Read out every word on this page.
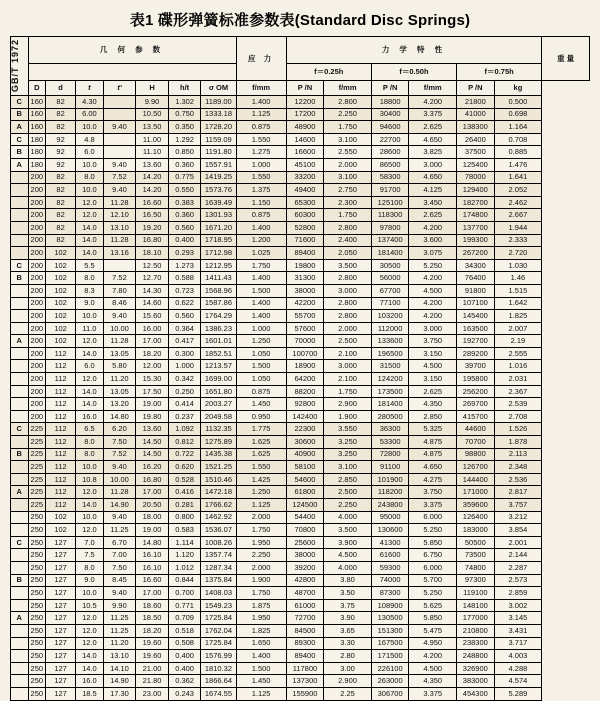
表1 碟形弹簧标准参数表(Standard Disc Springs)
GB/T 1972	几 何 参 数							应 力	力 学 特 性						重 量
									f＝0.25h		f＝0.50h		f＝0.75h		
	D	d	t	t'	H	h/t	σ OM	f/mm	P /N	f/mm	P /N	f/mm	P /N	kg	
C	160	82	4.30		9.90	1.302	1189.00	1.400	12200	2.800	18800	4.200	21800	0.500	
B	160	82	6.00		10.50	0.750	1333.18	1.125	17200	2.250	30400	3.375	41000	0.698	
A	160	82	10.0	9.40	13.50	0.350	1728.20	0.875	48900	1.750	94600	2.625	138300	1.164	
C	180	92	4.8		11.00	1.292	1159.09	1.550	14600	3.100	22700	4.650	26400	0.708	
B	180	92	6.0		11.10	0.850	1191.80	1.275	16600	2.550	28600	3.825	37500	0.885	
A	180	92	10.0	9.40	13.60	0.360	1557.91	1.000	45100	2.000	86500	3.000	125400	1.476	
	200	82	8.0	7.52	14.20	0.775	1419.25	1.550	33200	3.100	58300	4.650	78000	1.641	
	200	82	10.0	9.40	14.20	0.550	1573.76	1.375	49400	2.750	91700	4.125	129400	2.052	
	200	82	12.0	11.28	16.60	0.383	1639.49	1.150	65300	2.300	125100	3.450	182700	2.462	
	200	82	12.0	12.10	16.50	0.360	1301.93	0.875	60300	1.750	118300	2.625	174800	2.667	
	200	82	14.0	13.10	19.20	0.560	1671.20	1.400	52800	2.800	97800	4.200	137700	1.944	
	200	82	14.0	11.28	16.80	0.400	1718.95	1.200	71600	2.400	137400	3.600	199300	2.333	
	200	102	14.0	13.16	18.10	0.293	1712.98	1.025	89400	2.050	181400	3.075	267200	2.720	
C	200	102	5.5		12.50	1.273	1212.95	1.750	19800	3.500	30500	5.250	34300	1.030	
B	200	102	8.0	7.52	12.70	0.588	1411.43	1.400	31300	2.800	56000	4.200	76400	1.46	
	200	102	8.3	7.80	14.30	0.723	1568.96	1.500	38000	3.000	67700	4.500	91800	1.515	
	200	102	9.0	8.46	14.60	0.622	1587.86	1.400	42200	2.800	77100	4.200	107100	1.642	
	200	102	10.0	9.40	15.60	0.560	1764.29	1.400	55700	2.800	103200	4.200	145400	1.825	
	200	102	11.0	10.00	16.00	0.364	1386.23	1.000	57600	2.000	112000	3.000	163500	2.007	
A	200	102	12.0	11.28	17.00	0.417	1601.01	1.250	70000	2.500	133600	3.750	192700	2.19	
	200	112	14.0	13.05	18.20	0.300	1852.51	1.050	100700	2.100	196500	3.150	289200	2.555	
	200	112	6.0	5.80	12.00	1.000	1213.57	1.500	18900	3.000	31500	4.500	39700	1.016	
	200	112	12.0	11.20	15.30	0.342	1699.00	1.050	64200	2.100	124200	3.150	195800	2.031	
	200	112	14.0	13.05	17.50	0.250	1651.80	0.875	88200	1.750	173500	2.625	256200	2.367	
	200	112	14.0	13.20	19.00	0.414	2003.27	1.450	92800	2.900	181400	4.350	269700	2.539	
	200	112	16.0	14.80	19.80	0.237	2049.58	0.950	142400	1.900	280500	2.850	415700	2.708	
C	225	112	6.5	6.20	13.60	1.092	1132.35	1.775	22300	3.550	36300	5.325	44600	1.526	
	225	112	8.0	7.50	14.50	0.812	1275.89	1.625	30600	3.250	53300	4.875	70700	1.878	
B	225	112	8.0	7.52	14.50	0.722	1435.38	1.625	40900	3.250	72800	4.875	98800	2.113	
	225	112	10.0	9.40	16.20	0.620	1521.25	1.550	58100	3.100	91100	4.650	126700	2.348	
	225	112	10.8	10.00	16.80	0.528	1510.46	1.425	54600	2.850	101900	4.275	144400	2.536	
A	225	112	12.0	11.28	17.00	0.416	1472.18	1.250	61800	2.500	118200	3.750	171000	2.817	
	225	112	14.0	14.90	20.50	0.281	1766.62	1.125	124500	2.250	243800	3.375	359600	3.757	
	250	102	10.0	9.40	18.00	0.800	1462.92	2.000	54400	4.000	95000	6.000	126400	3.212	
	250	102	12.0	11.25	19.00	0.583	1536.07	1.750	70800	3.500	130600	5.250	183000	3.854	
C	250	127	7.0	6.70	14.80	1.114	1008.26	1.950	25600	3.900	41300	5.850	50500	2.001	
	250	127	7.5	7.00	16.10	1.120	1357.74	2.250	38000	4.500	61600	6.750	73500	2.144	
	250	127	8.0	7.50	16.10	1.012	1287.34	2.000	39200	4.000	59300	6.000	74800	2.287	
B	250	127	9.0	8.45	16.60	0.844	1375.84	1.900	42800	3.80	74000	5.700	97300	2.573	
	250	127	10.0	9.40	17.00	0.700	1408.03	1.750	48700	3.50	87300	5.250	119100	2.859	
	250	127	10.5	9.90	18.60	0.771	1549.23	1.875	61000	3.75	108900	5.625	148100	3.002	
A	250	127	12.0	11.25	18.50	0.709	1725.84	1.950	72700	3.90	130500	5.850	177000	3.145	
	250	127	12.0	11.25	18.20	0.518	1762.04	1.825	84500	3.65	151300	5.475	210800	3.431	
	250	127	12.0	11.20	19.60	0.508	1725.84	1.650	89300	3.30	167500	4.950	238300	3.717	
	250	127	14.0	13.10	19.60	0.400	1576.99	1.400	89400	2.80	171500	4.200	248800	4.003	
	250	127	14.0	14.10	21.00	0.400	1810.32	1.500	117800	3.00	226100	4.500	326900	4.288	
	250	127	16.0	14.90	21.80	0.362	1866.64	1.450	137300	2.900	263000	4.350	383000	4.574	
	250	127	18.5	17.30	23.00	0.243	1674.55	1.125	155900	2.25	306700	3.375	454300	5.289	
